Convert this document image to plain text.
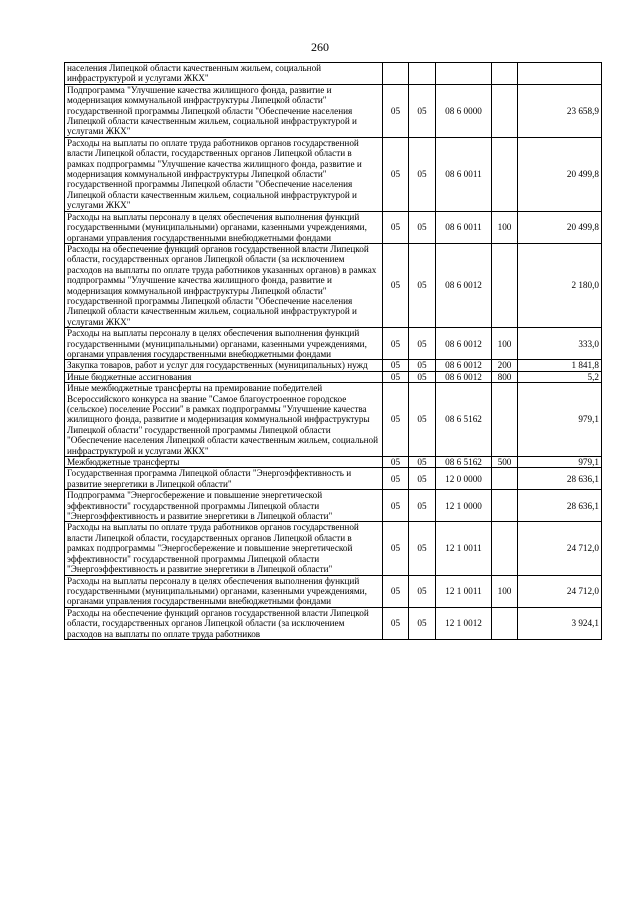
260
населения Липецкой области качественным жильем, социальной инфраструктурой и услугами ЖКХ"					
Подпрограмма "Улучшение качества жилищного фонда, развитие и модернизация коммунальной инфраструктуры Липецкой области" государственной программы Липецкой области "Обеспечение населения Липецкой области качественным жильем, социальной инфраструктурой и услугами ЖКХ"	05	05	08 6 0000		23 658,9
Расходы на выплаты по оплате труда работников органов государственной власти Липецкой области, государственных органов Липецкой области в рамках подпрограммы "Улучшение качества жилищного фонда, развитие и модернизация коммунальной инфраструктуры Липецкой области" государственной программы Липецкой области "Обеспечение населения Липецкой области качественным жильем, социальной инфраструктурой и услугами ЖКХ"	05	05	08 6 0011		20 499,8
Расходы на выплаты персоналу в целях обеспечения выполнения функций государственными (муниципальными) органами, казенными учреждениями, органами управления государственными внебюджетными фондами	05	05	08 6 0011	100	20 499,8
Расходы на обеспечение функций органов государственной власти Липецкой области, государственных органов Липецкой области (за исключением расходов на выплаты по оплате труда работников указанных органов) в рамках подпрограммы "Улучшение качества жилищного фонда, развитие и модернизация коммунальной инфраструктуры Липецкой области" государственной программы Липецкой области "Обеспечение населения Липецкой области качественным жильем, социальной инфраструктурой и услугами ЖКХ"	05	05	08 6 0012		2 180,0
Расходы на выплаты персоналу в целях обеспечения выполнения функций государственными (муниципальными) органами, казенными учреждениями, органами управления государственными внебюджетными фондами	05	05	08 6 0012	100	333,0
Закупка товаров, работ и услуг для государственных (муниципальных) нужд	05	05	08 6 0012	200	1 841,8
Иные бюджетные ассигнования	05	05	08 6 0012	800	5,2
Иные межбюджетные трансферты на премирование победителей Всероссийского конкурса на звание "Самое благоустроенное городское (сельское) поселение России" в рамках подпрограммы "Улучшение качества жилищного фонда, развитие и модернизация коммунальной инфраструктуры Липецкой области" государственной программы Липецкой области "Обеспечение населения Липецкой области качественным жильем, социальной инфраструктурой и услугами ЖКХ"	05	05	08 6 5162		979,1
Межбюджетные трансферты	05	05	08 6 5162	500	979,1
Государственная программа Липецкой области "Энергоэффективность и развитие энергетики в Липецкой области"	05	05	12 0 0000		28 636,1
Подпрограмма "Энергосбережение и повышение энергетической эффективности" государственной программы Липецкой области "Энергоэффективность и развитие энергетики в Липецкой области"	05	05	12 1 0000		28 636,1
Расходы на выплаты по оплате труда работников органов государственной власти Липецкой области, государственных органов Липецкой области в рамках подпрограммы "Энергосбережение и повышение энергетической эффективности" государственной программы Липецкой области "Энергоэффективность и развитие энергетики в Липецкой области"	05	05	12 1 0011		24 712,0
Расходы на выплаты персоналу в целях обеспечения выполнения функций государственными (муниципальными) органами, казенными учреждениями, органами управления государственными внебюджетными фондами	05	05	12 1 0011	100	24 712,0
Расходы на обеспечение функций органов государственной власти Липецкой области, государственных органов Липецкой области (за исключением расходов на выплаты по оплате труда работников	05	05	12 1 0012		3 924,1
